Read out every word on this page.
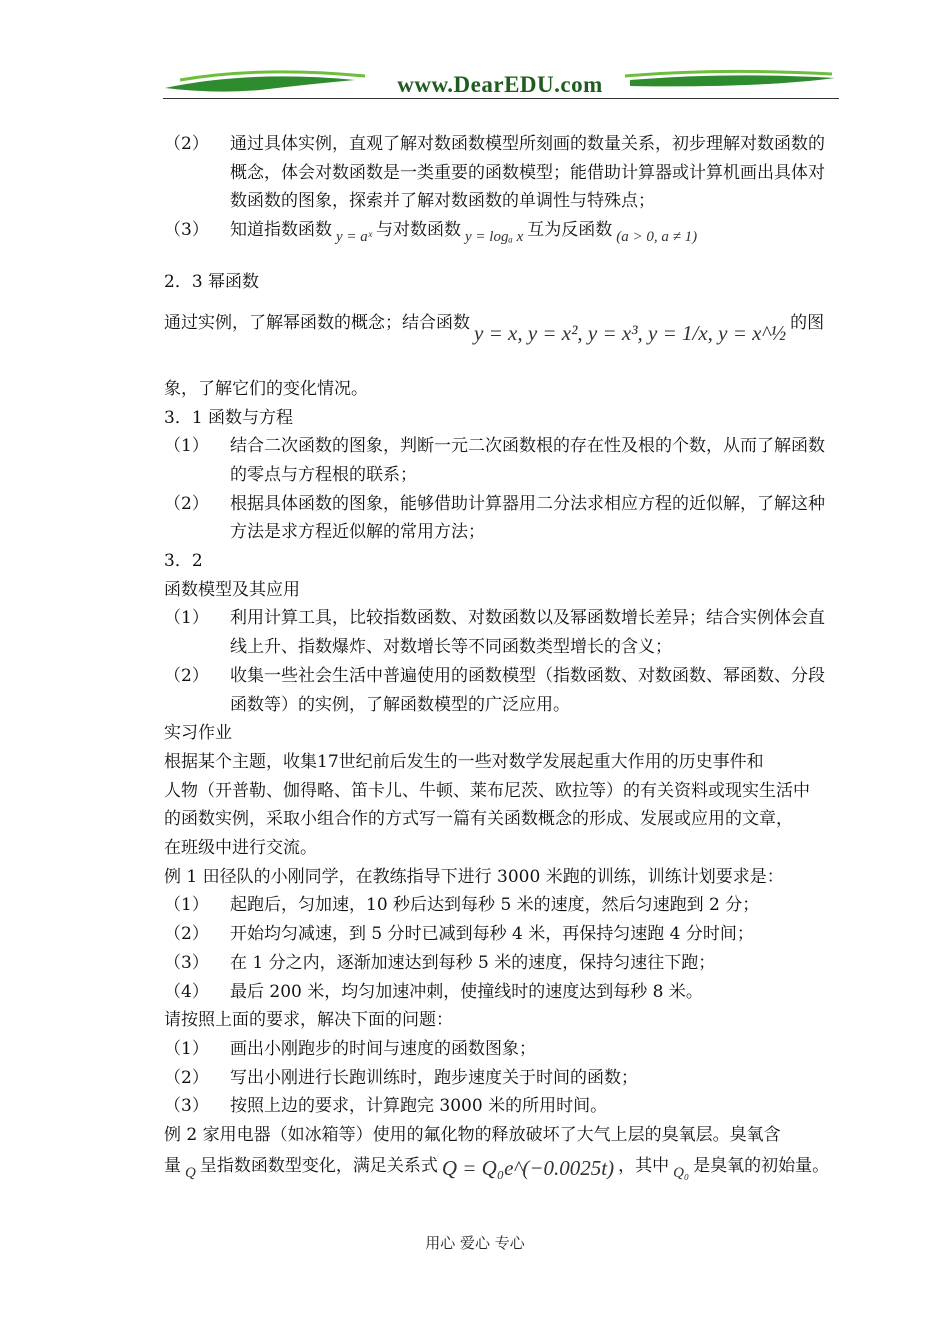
www.DearEDU.com
（2）	通过具体实例，直观了解对数函数模型所刻画的数量关系，初步理解对数函数的概念，体会对数函数是一类重要的函数模型；能借助计算器或计算机画出具体对数函数的图象，探索并了解对数函数的单调性与特殊点；
（3）	知道指数函数 y = aˣ 与对数函数 y = logₐ x 互为反函数 (a > 0, a ≠ 1)

2．3 幂函数

通过实例，了解幂函数的概念；结合函数 y = x, y = x², y = x³, y = 1/x, y = x^½ 的图

象，了解它们的变化情况。

3．1 函数与方程

（1）	结合二次函数的图象，判断一元二次函数根的存在性及根的个数，从而了解函数的零点与方程根的联系；
（2）	根据具体函数的图象，能够借助计算器用二分法求相应方程的近似解，了解这种方法是求方程近似解的常用方法；

3．2

函数模型及其应用

（1）	利用计算工具，比较指数函数、对数函数以及幂函数增长差异；结合实例体会直线上升、指数爆炸、对数增长等不同函数类型增长的含义；
（2）	收集一些社会生活中普遍使用的函数模型（指数函数、对数函数、幂函数、分段函数等）的实例，了解函数模型的广泛应用。

实习作业

根据某个主题，收集17世纪前后发生的一些对数学发展起重大作用的历史事件和

人物（开普勒、伽得略、笛卡儿、牛顿、莱布尼茨、欧拉等）的有关资料或现实生活中

的函数实例，采取小组合作的方式写一篇有关函数概念的形成、发展或应用的文章，

在班级中进行交流。

例 1 田径队的小刚同学，在教练指导下进行 3000 米跑的训练，训练计划要求是：

（1）	起跑后，匀加速，10 秒后达到每秒 5 米的速度，然后匀速跑到 2 分；
（2）	开始均匀减速，到 5 分时已减到每秒 4 米，再保持匀速跑 4 分时间；
（3）	在 1 分之内，逐渐加速达到每秒 5 米的速度，保持匀速往下跑；
（4）	最后 200 米，均匀加速冲刺，使撞线时的速度达到每秒 8 米。

请按照上面的要求，解决下面的问题：

（1）	画出小刚跑步的时间与速度的函数图象；
（2）	写出小刚进行长跑训练时，跑步速度关于时间的函数；
（3）	按照上边的要求，计算跑完 3000 米的所用时间。

例 2 家用电器（如冰箱等）使用的氟化物的释放破坏了大气上层的臭氧层。臭氧含

量 Q 呈指数函数型变化，满足关系式 Q = Q₀e^(−0.0025t) ，其中 Q₀ 是臭氧的初始量。
用心 爱心 专心
